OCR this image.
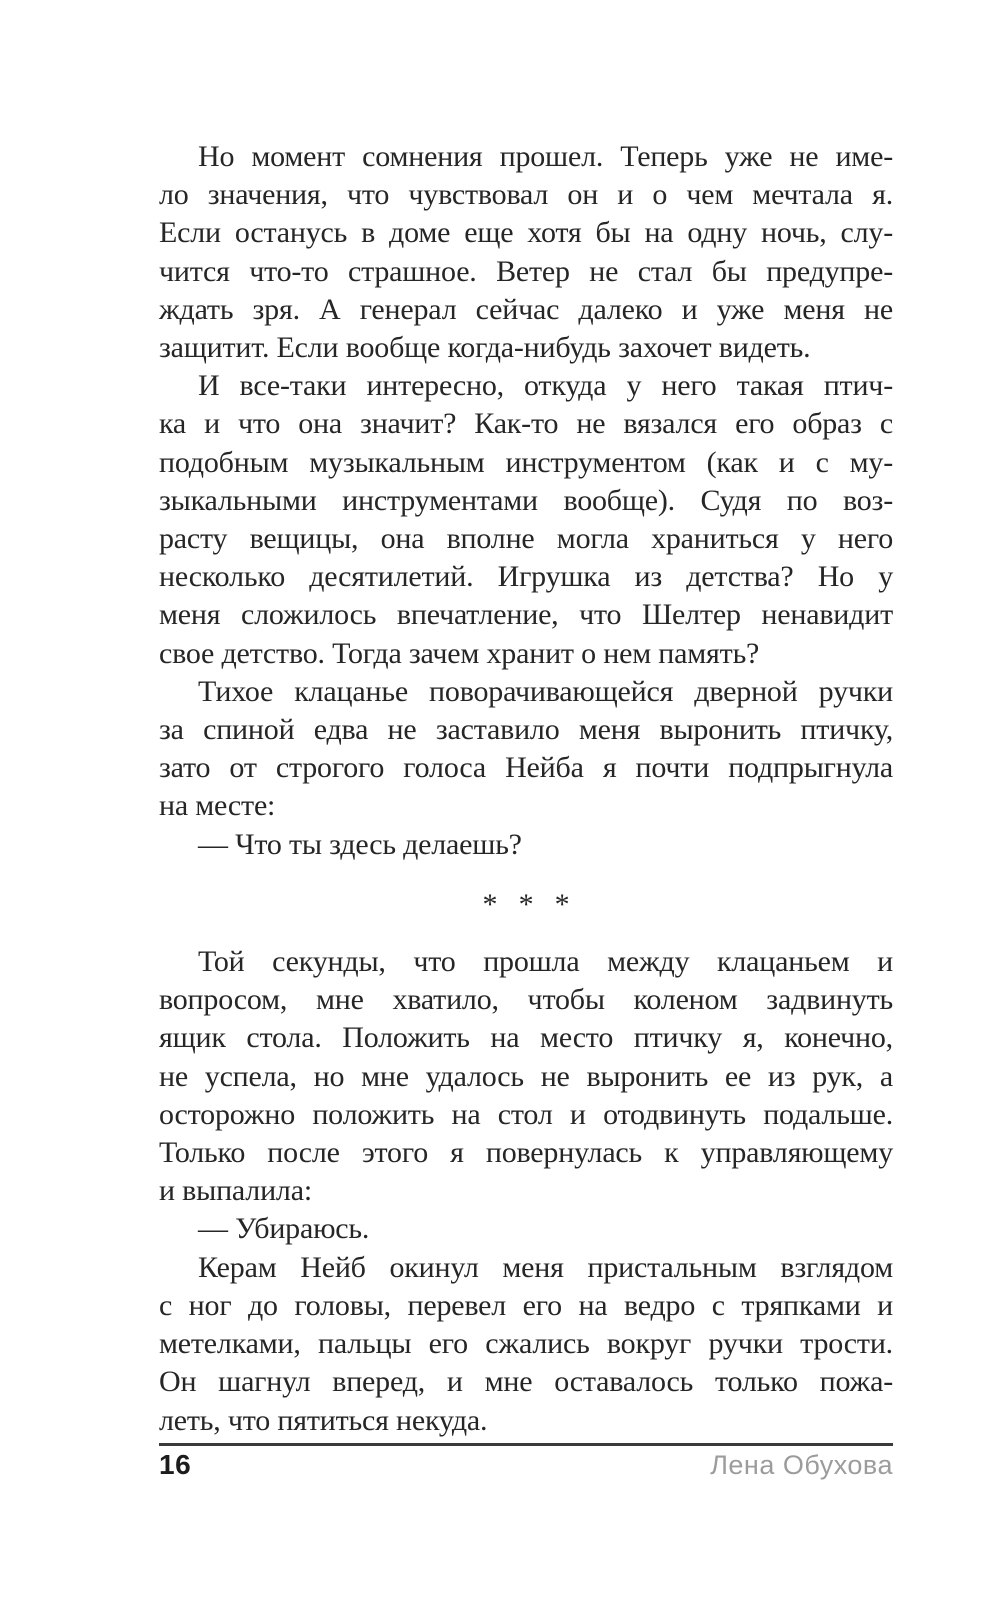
Но момент сомнения прошел. Теперь уже не име-
ло значения, что чувствовал он и о чем мечтала я.
Если останусь в доме еще хотя бы на одну ночь, слу-
чится что-то страшное. Ветер не стал бы предупре-
ждать зря. А генерал сейчас далеко и уже меня не
защитит. Если вообще когда-нибудь захочет видеть.
И все-таки интересно, откуда у него такая птич-
ка и что она значит? Как-то не вязался его образ с
подобным музыкальным инструментом (как и с му-
зыкальными инструментами вообще). Судя по воз-
расту вещицы, она вполне могла храниться у него
несколько десятилетий. Игрушка из детства? Но у
меня сложилось впечатление, что Шелтер ненавидит
свое детство. Тогда зачем хранит о нем память?
Тихое клацанье поворачивающейся дверной ручки
за спиной едва не заставило меня выронить птичку,
зато от строгого голоса Нейба я почти подпрыгнула
на месте:
— Что ты здесь делаешь?
* * *
Той секунды, что прошла между клацаньем и
вопросом, мне хватило, чтобы коленом задвинуть
ящик стола. Положить на место птичку я, конечно,
не успела, но мне удалось не выронить ее из рук, а
осторожно положить на стол и отодвинуть подальше.
Только после этого я повернулась к управляющему
и выпалила:
— Убираюсь.
Керам Нейб окинул меня пристальным взглядом
с ног до головы, перевел его на ведро с тряпками и
метелками, пальцы его сжались вокруг ручки трости.
Он шагнул вперед, и мне оставалось только пожа-
леть, что пятиться некуда.
16	Лена Обухова
